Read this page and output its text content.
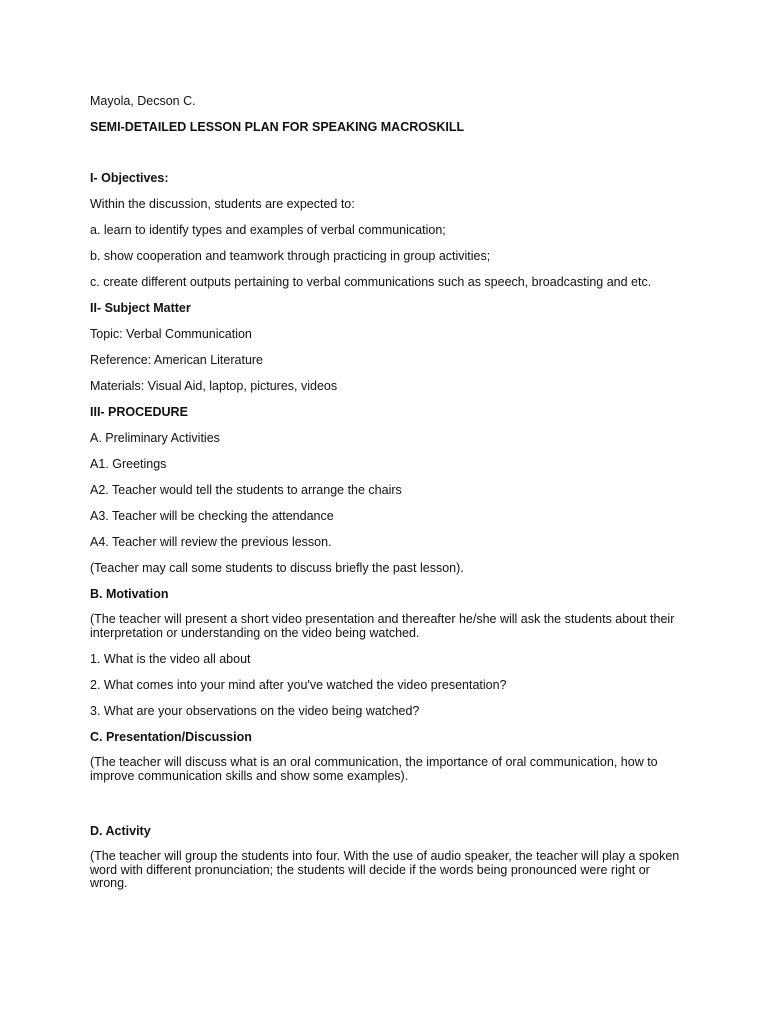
Mayola, Decson C.

SEMI-DETAILED LESSON PLAN FOR SPEAKING MACROSKILL

I- Objectives:

Within the discussion, students are expected to:

a. learn to identify types and examples of verbal communication;

b. show cooperation and teamwork through practicing in group activities;

c. create different outputs pertaining to verbal communications such as speech, broadcasting and etc.

II- Subject Matter

Topic: Verbal Communication

Reference: American Literature

Materials: Visual Aid, laptop, pictures, videos

III- PROCEDURE

A. Preliminary Activities

A1. Greetings

A2. Teacher would tell the students to arrange the chairs

A3. Teacher will be checking the attendance

A4. Teacher will review the previous lesson.

(Teacher may call some students to discuss briefly the past lesson).

B. Motivation

(The teacher will present a short video presentation and thereafter he/she will ask the students about their interpretation or understanding on the video being watched.

1. What is the video all about

2. What comes into your mind after you've watched the video presentation?

3. What are your observations on the video being watched?

C. Presentation/Discussion

(The teacher will discuss what is an oral communication, the importance of oral communication, how to improve communication skills and show some examples).

D. Activity

(The teacher will group the students into four. With the use of audio speaker, the teacher will play a spoken word with different pronunciation; the students will decide if the words being pronounced were right or wrong.
